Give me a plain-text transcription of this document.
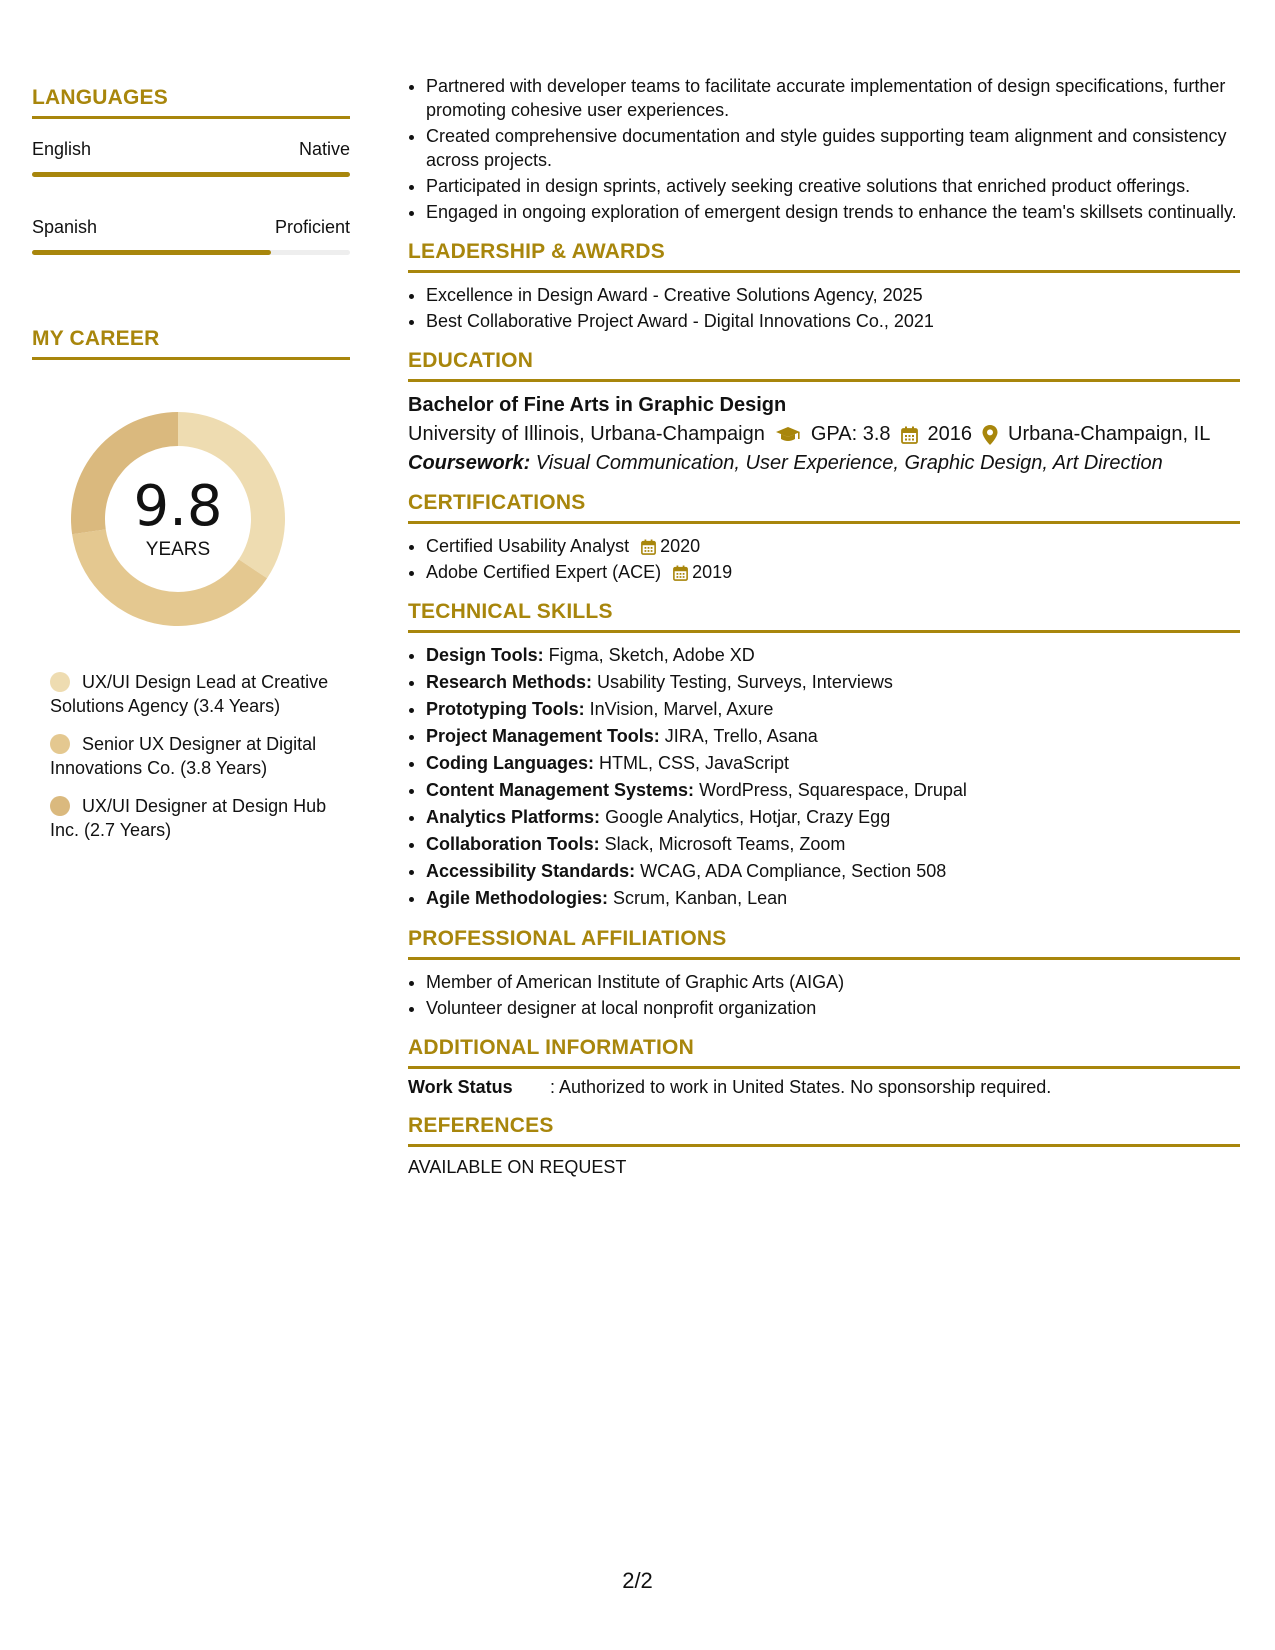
LANGUAGES
English	Native
Spanish	Proficient
MY CAREER
9.8
YEARS
UX/UI Design Lead at Creative Solutions Agency (3.4 Years)
Senior UX Designer at Digital Innovations Co. (3.8 Years)
UX/UI Designer at Design Hub Inc. (2.7 Years)
• Partnered with developer teams to facilitate accurate implementation of design specifications, further promoting cohesive user experiences.
• Created comprehensive documentation and style guides supporting team alignment and consistency across projects.
• Participated in design sprints, actively seeking creative solutions that enriched product offerings.
• Engaged in ongoing exploration of emergent design trends to enhance the team's skillsets continually.
LEADERSHIP & AWARDS
• Excellence in Design Award - Creative Solutions Agency, 2025
• Best Collaborative Project Award - Digital Innovations Co., 2021
EDUCATION
Bachelor of Fine Arts in Graphic Design
University of Illinois, Urbana-Champaign GPA: 3.8 2016 Urbana-Champaign, IL
Coursework: Visual Communication, User Experience, Graphic Design, Art Direction
CERTIFICATIONS
• Certified Usability Analyst 2020
• Adobe Certified Expert (ACE) 2019
TECHNICAL SKILLS
• Design Tools: Figma, Sketch, Adobe XD
• Research Methods: Usability Testing, Surveys, Interviews
• Prototyping Tools: InVision, Marvel, Axure
• Project Management Tools: JIRA, Trello, Asana
• Coding Languages: HTML, CSS, JavaScript
• Content Management Systems: WordPress, Squarespace, Drupal
• Analytics Platforms: Google Analytics, Hotjar, Crazy Egg
• Collaboration Tools: Slack, Microsoft Teams, Zoom
• Accessibility Standards: WCAG, ADA Compliance, Section 508
• Agile Methodologies: Scrum, Kanban, Lean
PROFESSIONAL AFFILIATIONS
• Member of American Institute of Graphic Arts (AIGA)
• Volunteer designer at local nonprofit organization
ADDITIONAL INFORMATION
Work Status	: Authorized to work in United States. No sponsorship required.
REFERENCES
AVAILABLE ON REQUEST
2/2
